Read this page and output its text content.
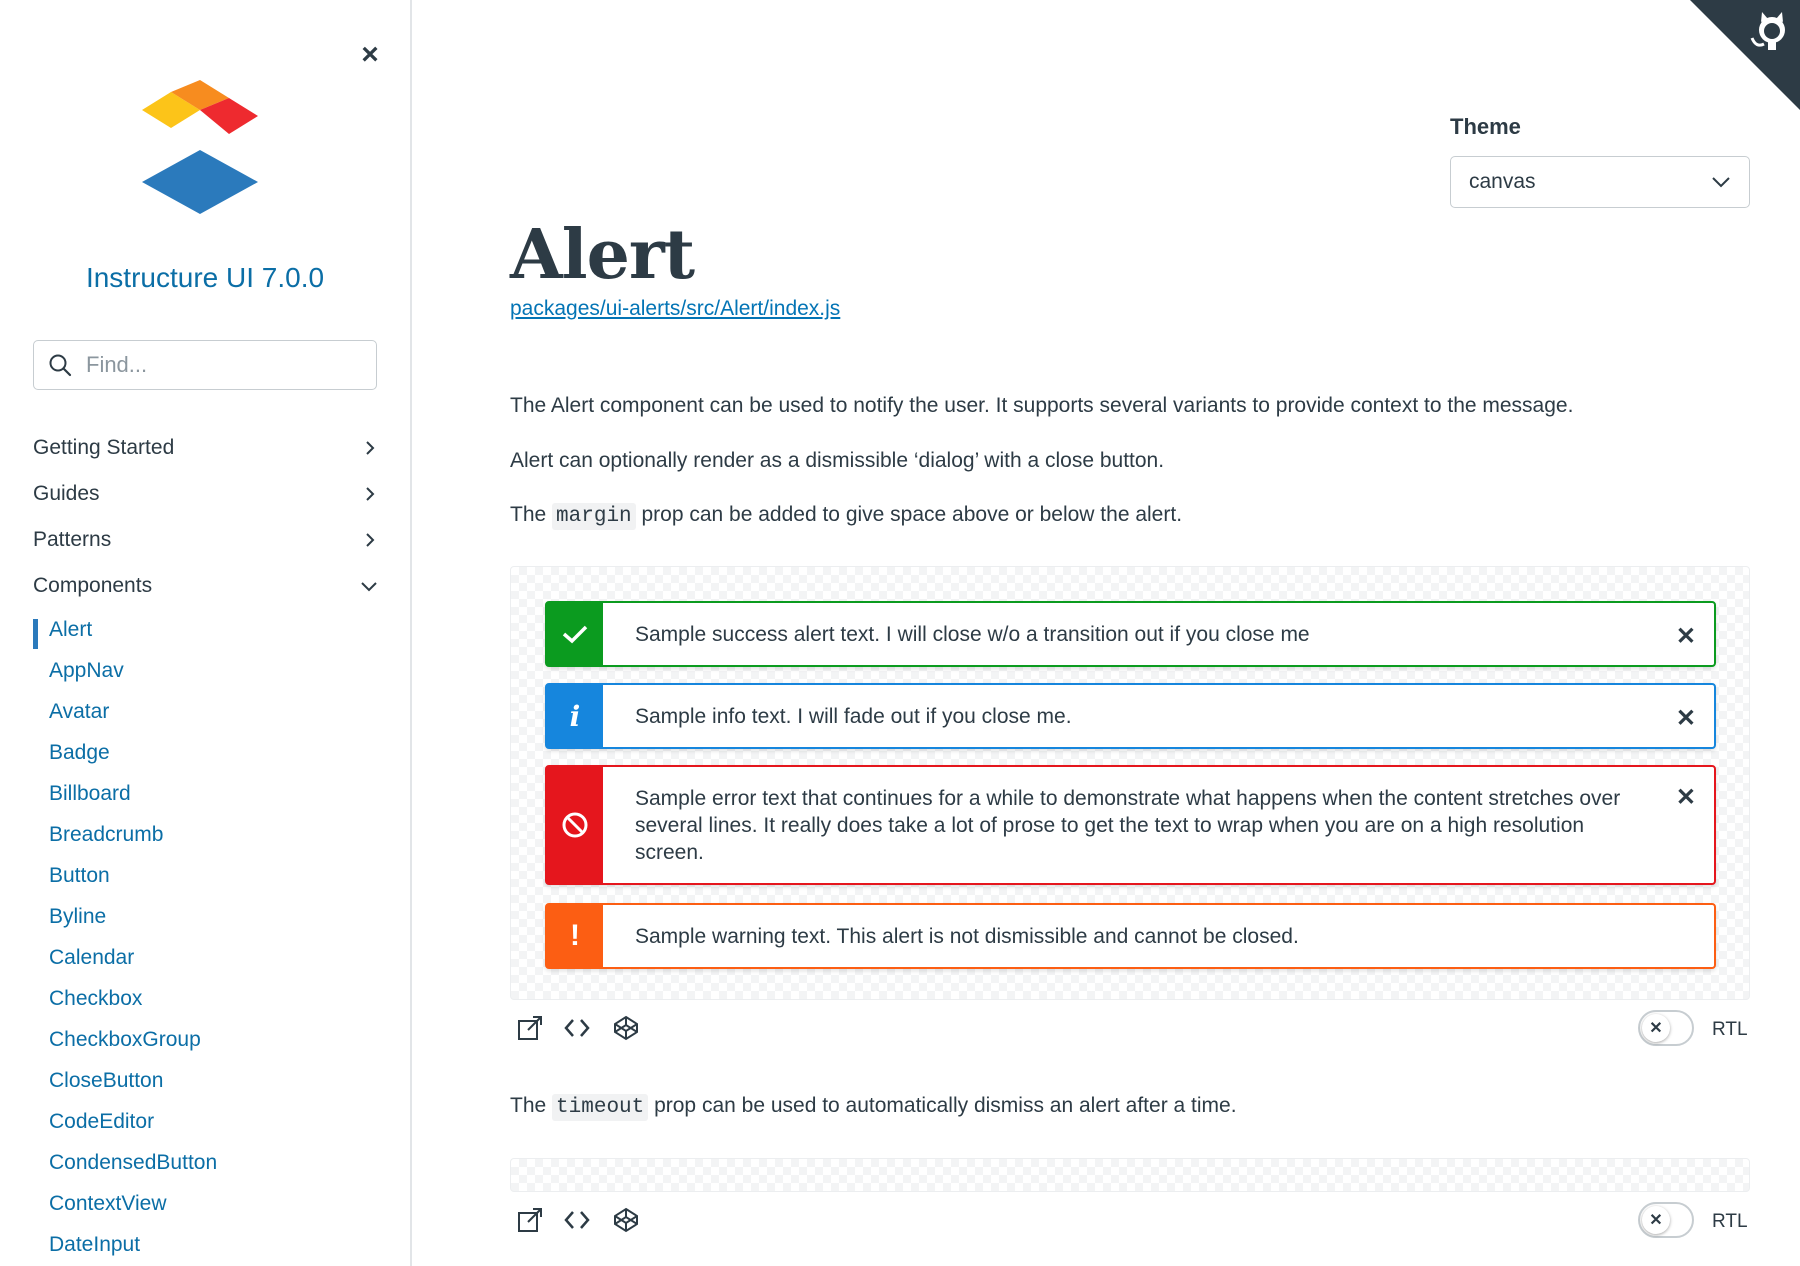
×
Instructure UI 7.0.0
Find...
Getting Started
Guides
Patterns
Components
Alert
AppNav
Avatar
Badge
Billboard
Breadcrumb
Button
Byline
Calendar
Checkbox
CheckboxGroup
CloseButton
CodeEditor
CondensedButton
ContextView
DateInput
Theme
canvas
Alert
packages/ui-alerts/src/Alert/index.js
The Alert component can be used to notify the user. It supports several variants to provide context to the message.
Alert can optionally render as a dismissible ‘dialog’ with a close button.
The margin prop can be added to give space above or below the alert.
Sample success alert text. I will close w/o a transition out if you close me	✕
i	Sample info text. I will fade out if you close me.	✕
Sample error text that continues for a while to demonstrate what happens when the content stretches over several lines. It really does take a lot of prose to get the text to wrap when you are on a high resolution screen.
✕
!	Sample warning text. This alert is not dismissible and cannot be closed.
✕	RTL
The timeout prop can be used to automatically dismiss an alert after a time.
✕	RTL
